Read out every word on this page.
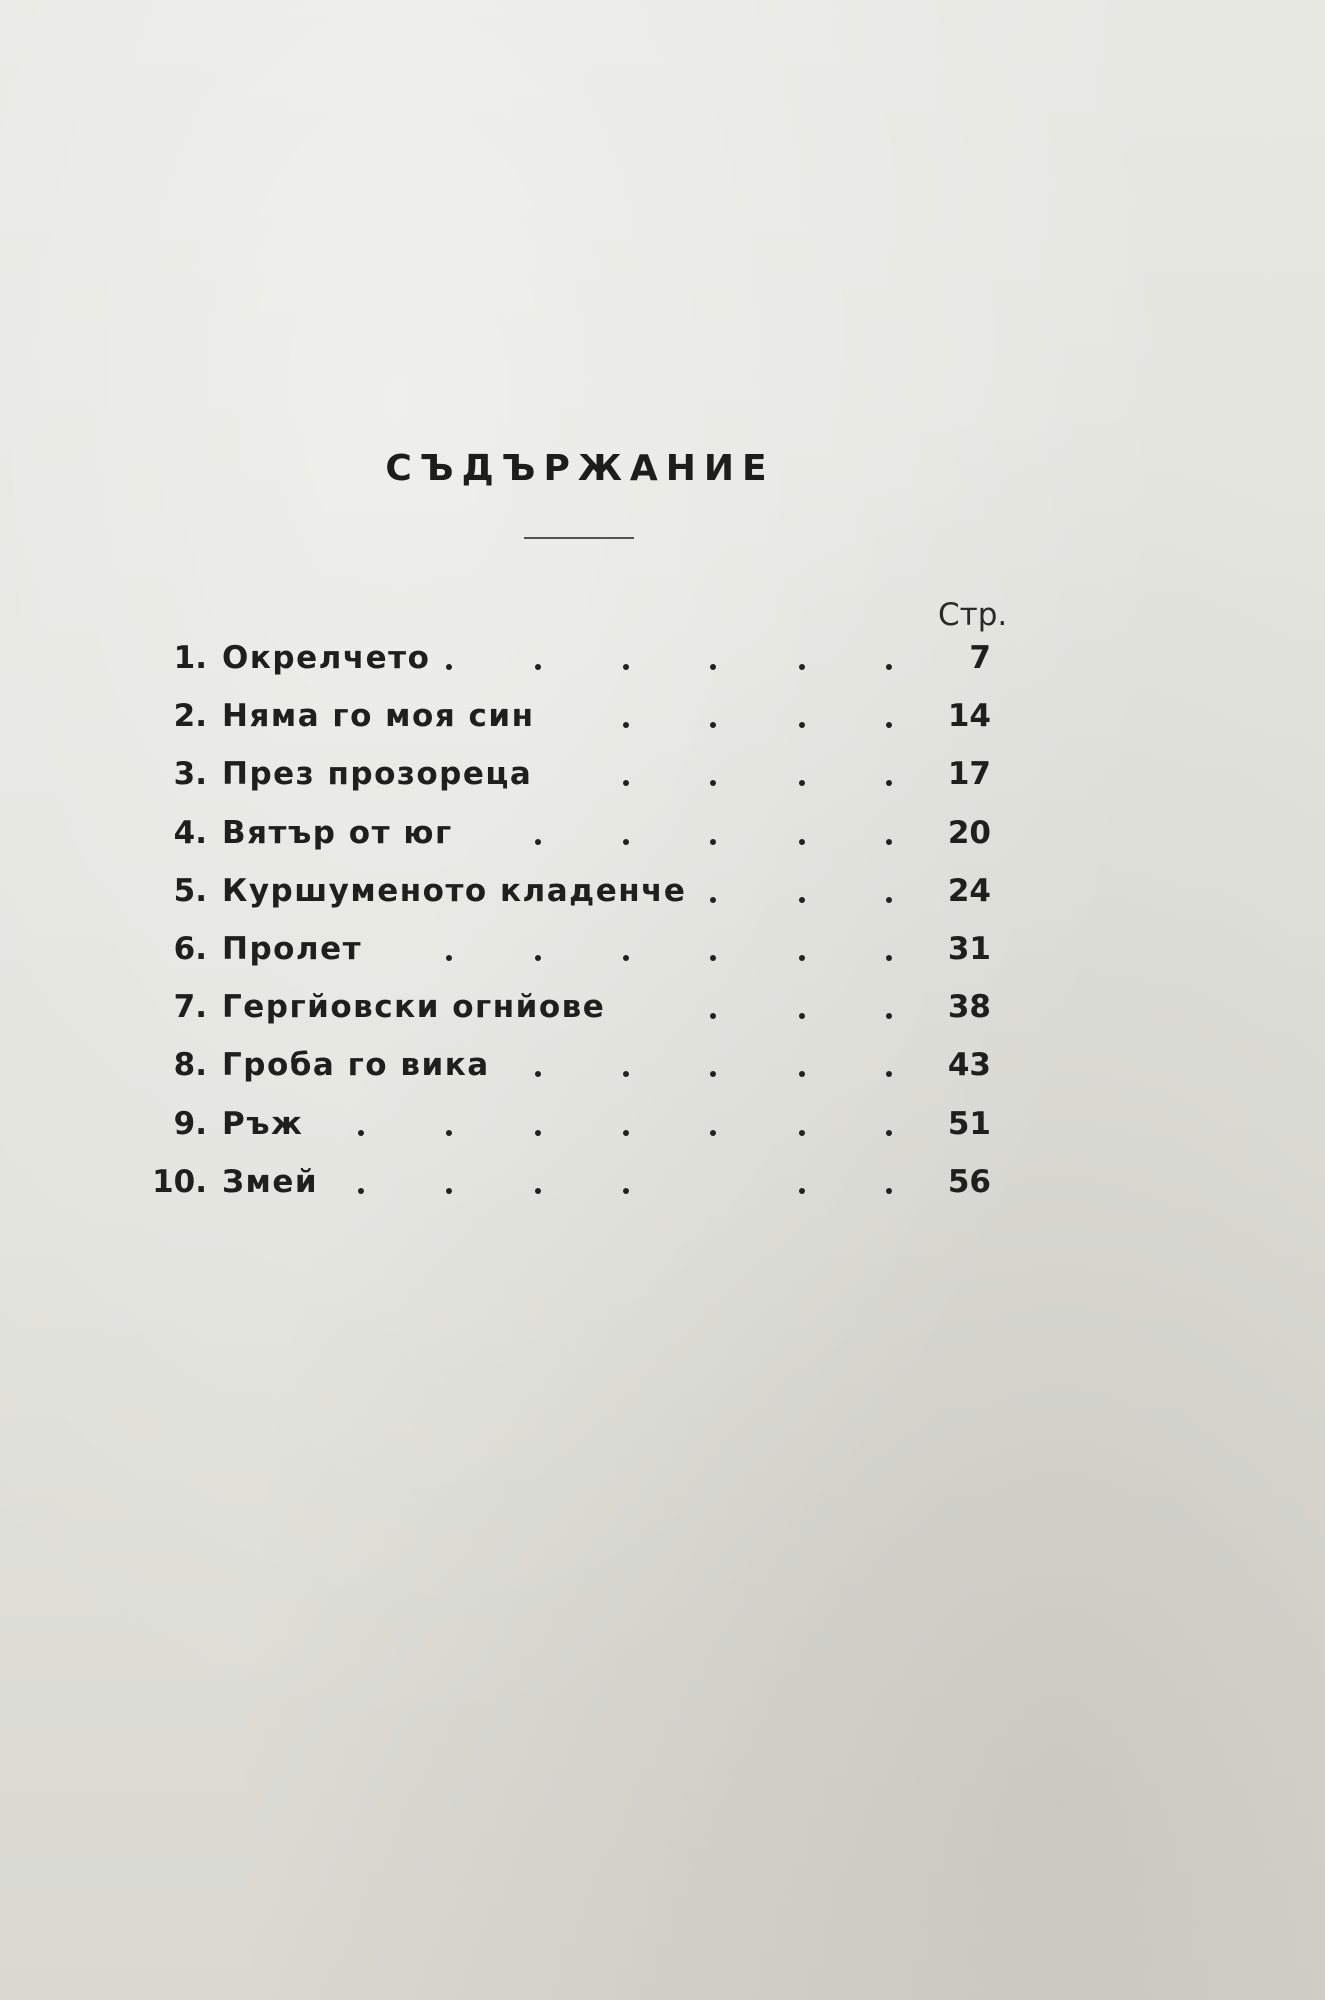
СЪДЪРЖАНИЕ
Стр.
1. Окрелчето	7
2. Няма го моя син	14
3. През прозореца	17
4. Вятър от юг	20
5. Куршуменото кладенче	24
6. Пролет	31
7. Гергйовски огнйове	38
8. Гроба го вика	43
9. Ръж	51
10. Змей	56
